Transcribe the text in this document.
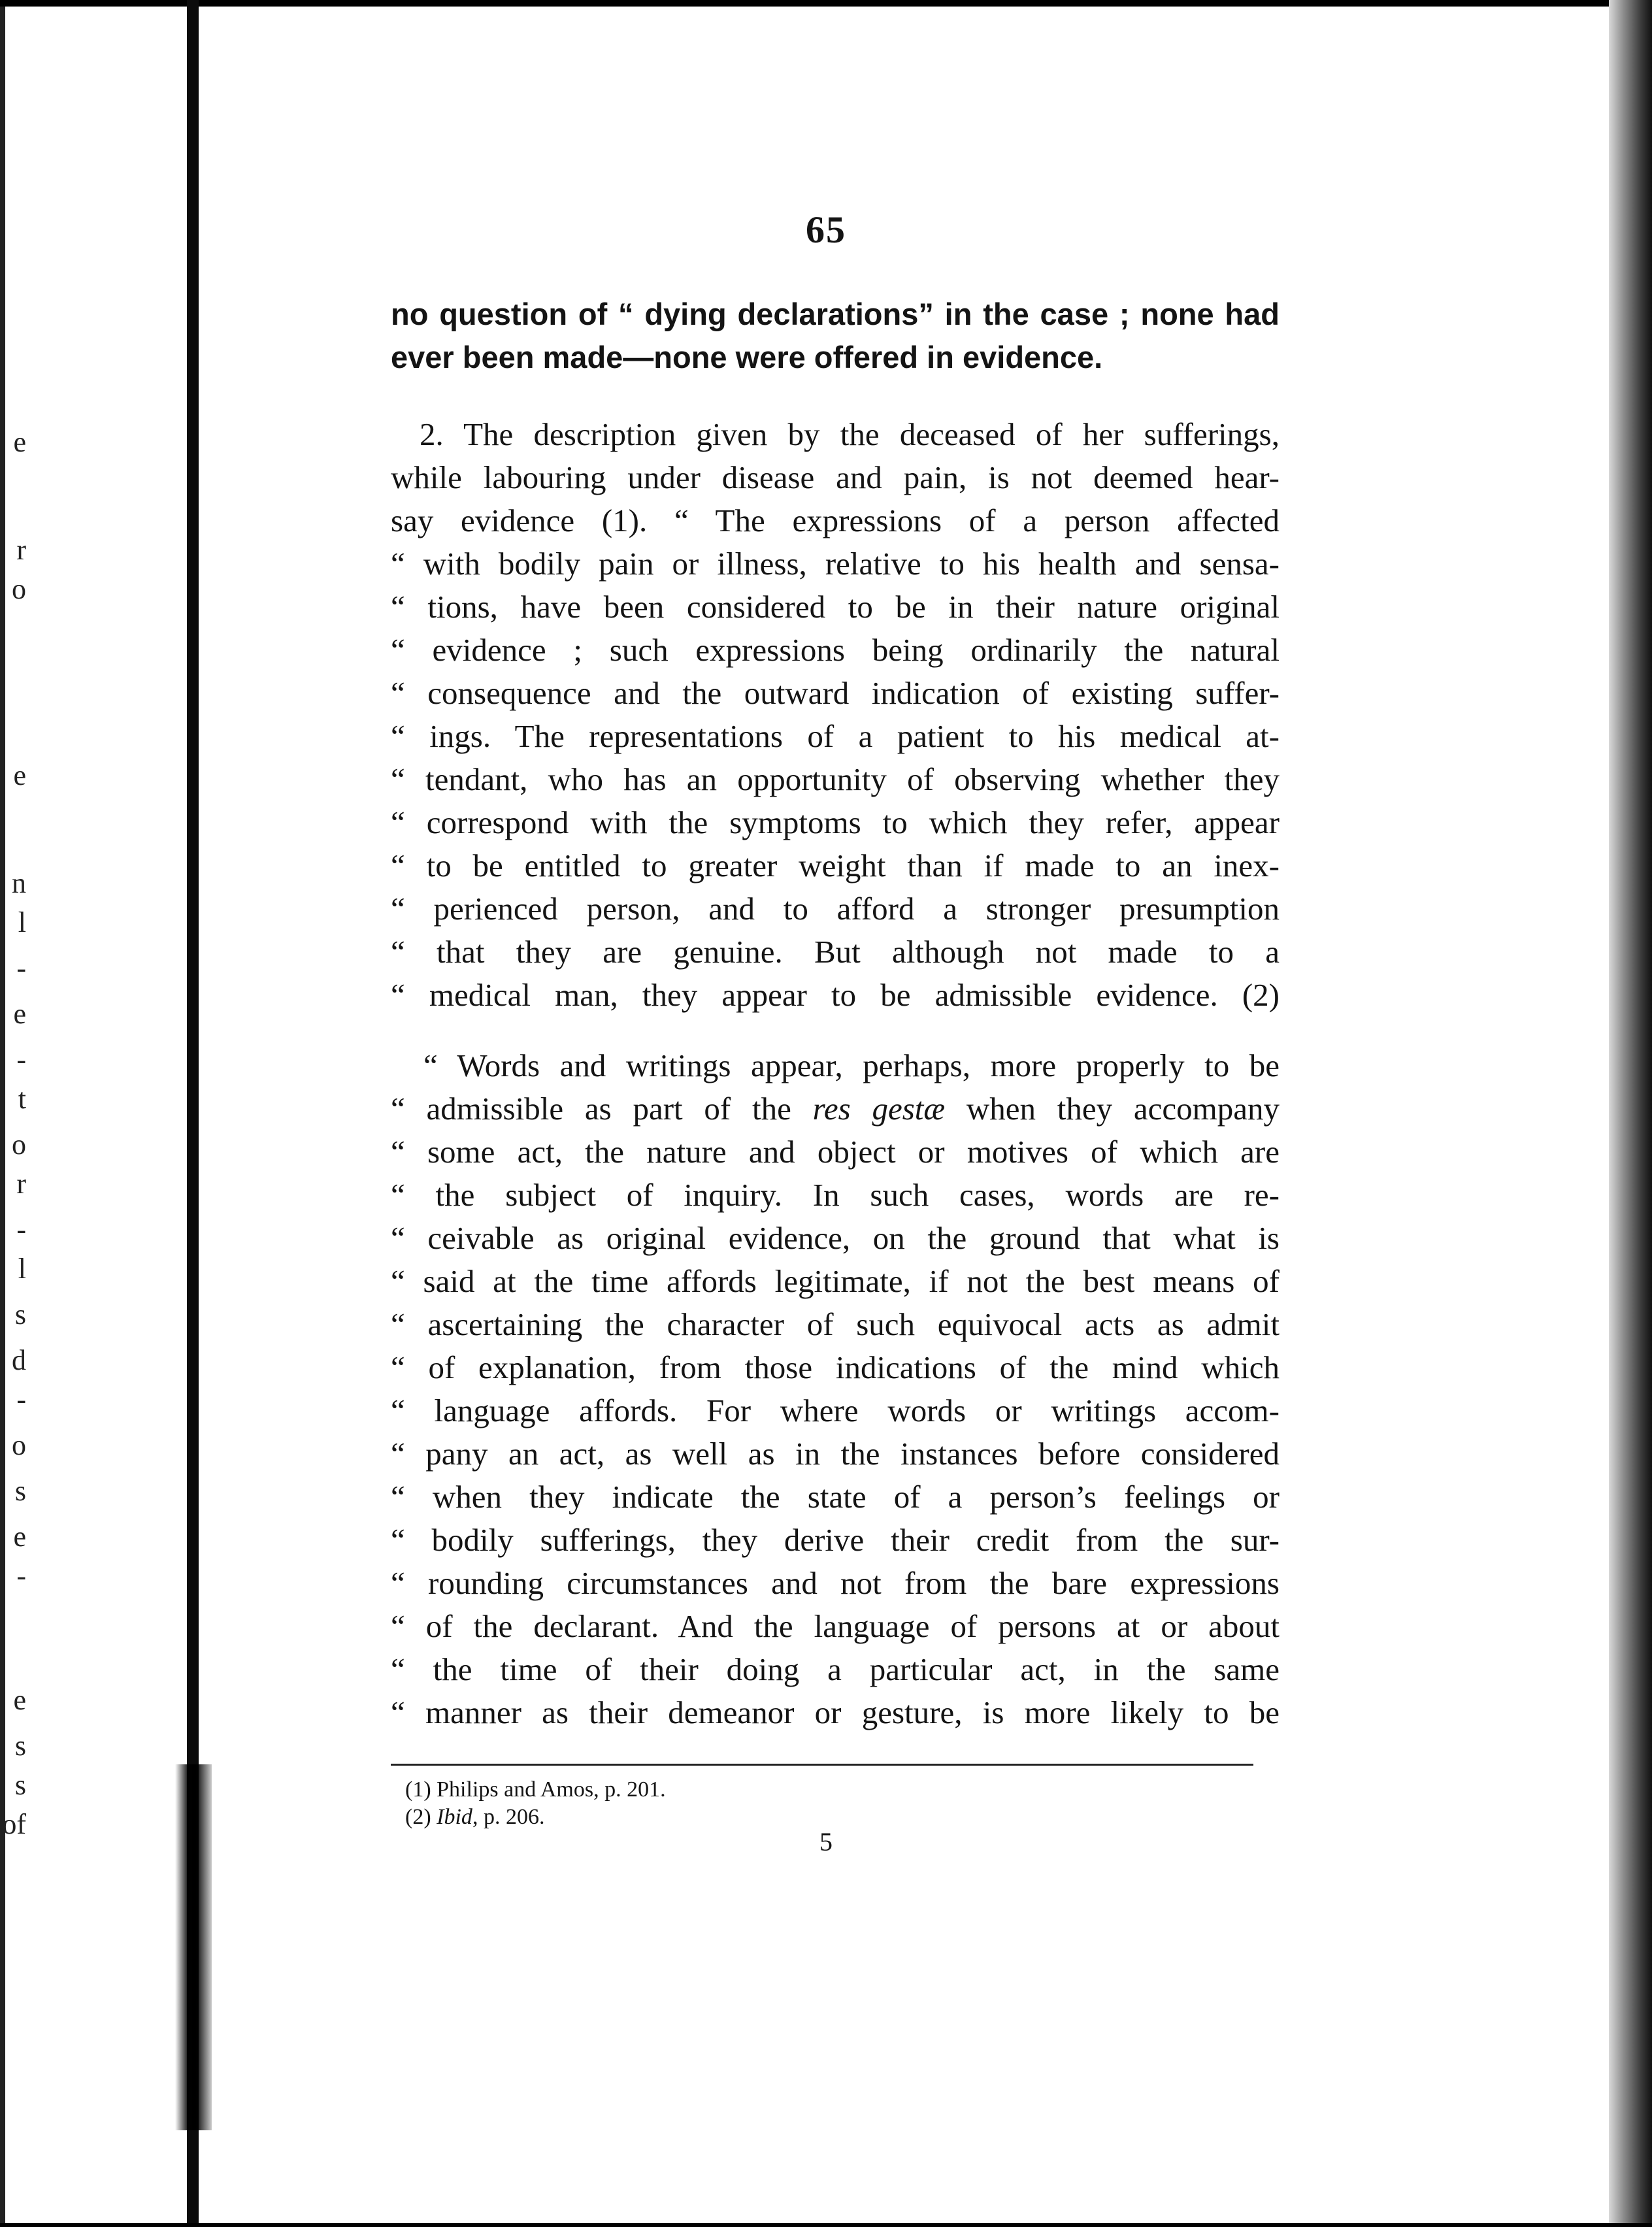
e
r
o
e
n
l
-
e
-
t
o
r
-
l
s
d
-
o
s
e
-
e
s
s
of
65
no question of “ dying declarations” in the case ; none had
ever been made—none were offered in evidence.
2. The description given by the deceased of her sufferings,
while labouring under disease and pain, is not deemed hear-
say evidence (1). “ The expressions of a person affected
“ with bodily pain or illness, relative to his health and sensa-
“ tions, have been considered to be in their nature original
“ evidence ; such expressions being ordinarily the natural
“ consequence and the outward indication of existing suffer-
“ ings. The representations of a patient to his medical at-
“ tendant, who has an opportunity of observing whether they
“ correspond with the symptoms to which they refer, appear
“ to be entitled to greater weight than if made to an inex-
“ perienced person, and to afford a stronger presumption
“ that they are genuine. But although not made to a
“ medical man, they appear to be admissible evidence. (2)
“ Words and writings appear, perhaps, more properly to be
“ admissible as part of the res gestæ when they accompany
“ some act, the nature and object or motives of which are
“ the subject of inquiry. In such cases, words are re-
“ ceivable as original evidence, on the ground that what is
“ said at the time affords legitimate, if not the best means of
“ ascertaining the character of such equivocal acts as admit
“ of explanation, from those indications of the mind which
“ language affords. For where words or writings accom-
“ pany an act, as well as in the instances before considered
“ when they indicate the state of a person’s feelings or
“ bodily sufferings, they derive their credit from the sur-
“ rounding circumstances and not from the bare expressions
“ of the declarant. And the language of persons at or about
“ the time of their doing a particular act, in the same
“ manner as their demeanor or gesture, is more likely to be
(1) Philips and Amos, p. 201.
(2) Ibid, p. 206.
5
